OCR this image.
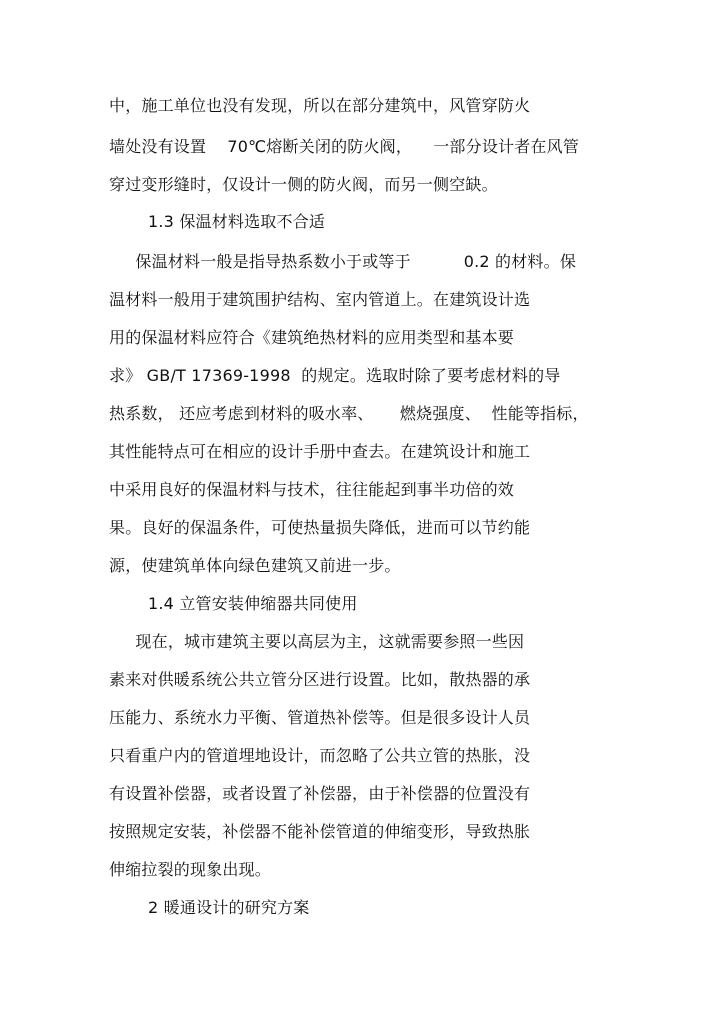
中，施工单位也没有发现，所以在部分建筑中，风管穿防火
墙处没有设置    70℃熔断关闭的防火阀，    一部分设计者在风管
穿过变形缝时，仅设计一侧的防火阀，而另一侧空缺。
1.3 保温材料选取不合适
保温材料一般是指导热系数小于或等于          0.2 的材料。保
温材料一般用于建筑围护结构、室内管道上。在建筑设计选
用的保温材料应符合《建筑绝热材料的应用类型和基本要
求》 GB/T 17369-1998  的规定。选取时除了要考虑材料的导
热系数， 还应考虑到材料的吸水率、     燃烧强度、  性能等指标，
其性能特点可在相应的设计手册中查去。在建筑设计和施工
中采用良好的保温材料与技术，往往能起到事半功倍的效
果。良好的保温条件，可使热量损失降低，进而可以节约能
源，使建筑单体向绿色建筑又前进一步。
1.4 立管安装伸缩器共同使用
现在，城市建筑主要以高层为主，这就需要参照一些因
素来对供暖系统公共立管分区进行设置。比如，散热器的承
压能力、系统水力平衡、管道热补偿等。但是很多设计人员
只看重户内的管道埋地设计，而忽略了公共立管的热胀，没
有设置补偿器，或者设置了补偿器，由于补偿器的位置没有
按照规定安装，补偿器不能补偿管道的伸缩变形，导致热胀
伸缩拉裂的现象出现。
2 暖通设计的研究方案
